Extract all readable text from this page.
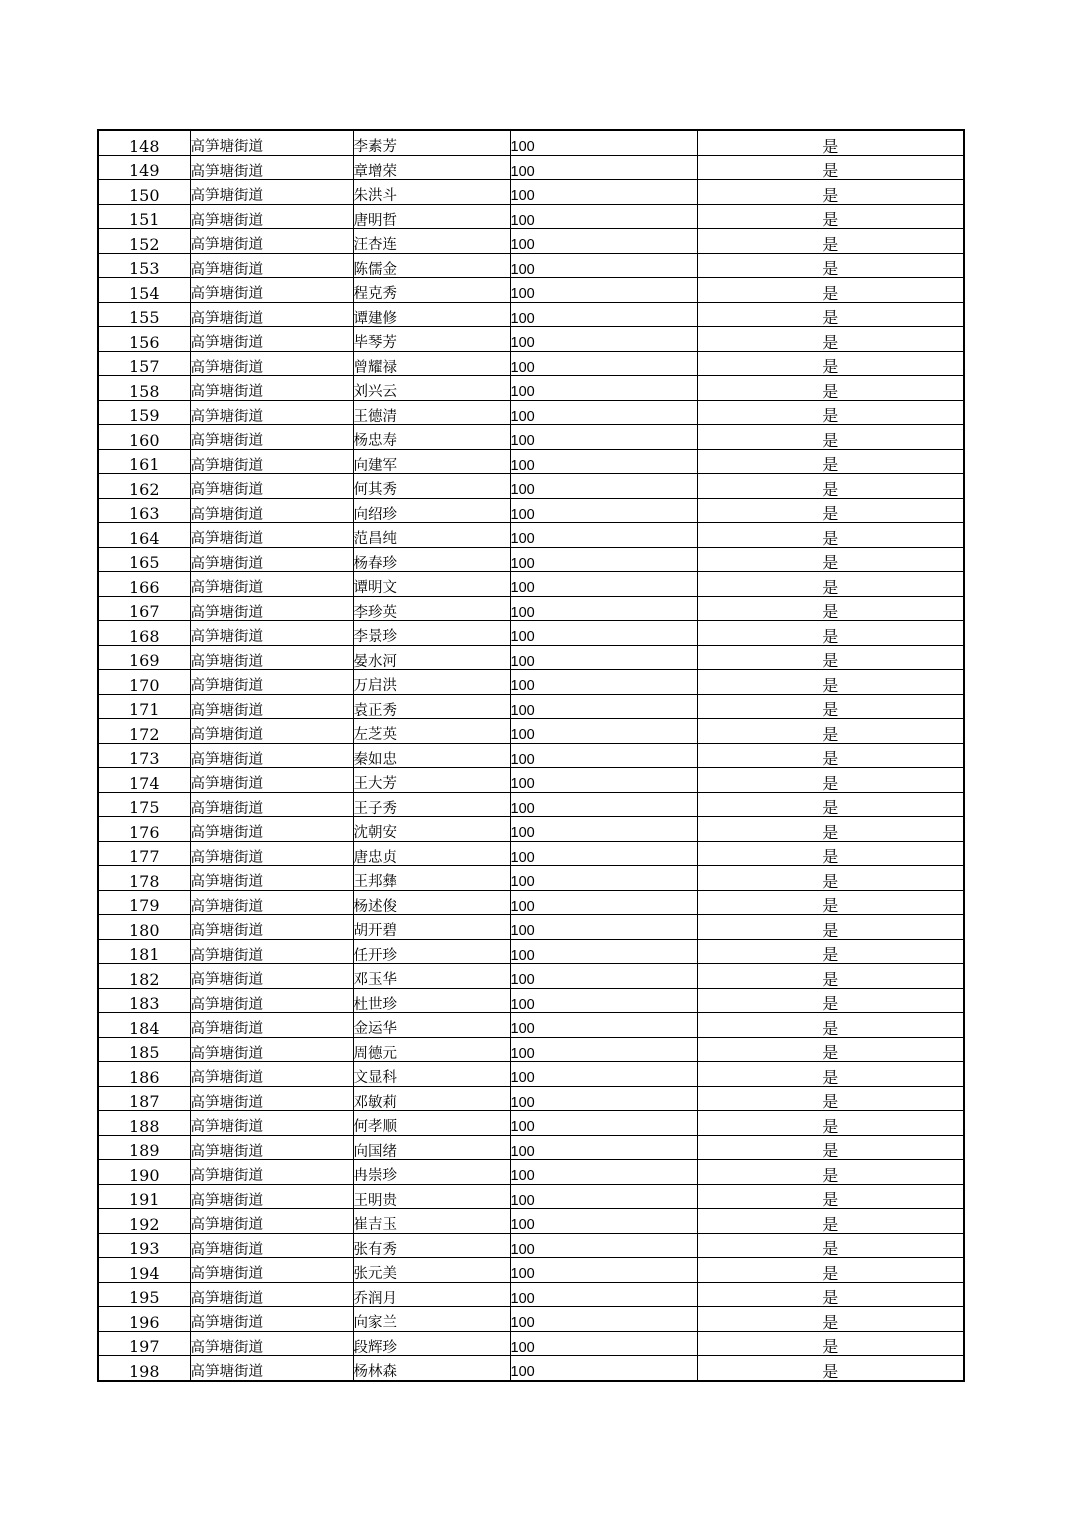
148	高笋塘街道	李素芳	100	是
149	高笋塘街道	章增荣	100	是
150	高笋塘街道	朱洪斗	100	是
151	高笋塘街道	唐明哲	100	是
152	高笋塘街道	汪杏连	100	是
153	高笋塘街道	陈儒金	100	是
154	高笋塘街道	程克秀	100	是
155	高笋塘街道	谭建修	100	是
156	高笋塘街道	毕琴芳	100	是
157	高笋塘街道	曾耀禄	100	是
158	高笋塘街道	刘兴云	100	是
159	高笋塘街道	王德清	100	是
160	高笋塘街道	杨忠寿	100	是
161	高笋塘街道	向建军	100	是
162	高笋塘街道	何其秀	100	是
163	高笋塘街道	向绍珍	100	是
164	高笋塘街道	范昌纯	100	是
165	高笋塘街道	杨春珍	100	是
166	高笋塘街道	谭明文	100	是
167	高笋塘街道	李珍英	100	是
168	高笋塘街道	李景珍	100	是
169	高笋塘街道	晏水河	100	是
170	高笋塘街道	万启洪	100	是
171	高笋塘街道	袁正秀	100	是
172	高笋塘街道	左芝英	100	是
173	高笋塘街道	秦如忠	100	是
174	高笋塘街道	王大芳	100	是
175	高笋塘街道	王子秀	100	是
176	高笋塘街道	沈朝安	100	是
177	高笋塘街道	唐忠贞	100	是
178	高笋塘街道	王邦彝	100	是
179	高笋塘街道	杨述俊	100	是
180	高笋塘街道	胡开碧	100	是
181	高笋塘街道	任开珍	100	是
182	高笋塘街道	邓玉华	100	是
183	高笋塘街道	杜世珍	100	是
184	高笋塘街道	金运华	100	是
185	高笋塘街道	周德元	100	是
186	高笋塘街道	文显科	100	是
187	高笋塘街道	邓敏莉	100	是
188	高笋塘街道	何孝顺	100	是
189	高笋塘街道	向国绪	100	是
190	高笋塘街道	冉崇珍	100	是
191	高笋塘街道	王明贵	100	是
192	高笋塘街道	崔吉玉	100	是
193	高笋塘街道	张有秀	100	是
194	高笋塘街道	张元美	100	是
195	高笋塘街道	乔润月	100	是
196	高笋塘街道	向家兰	100	是
197	高笋塘街道	段辉珍	100	是
198	高笋塘街道	杨林森	100	是
